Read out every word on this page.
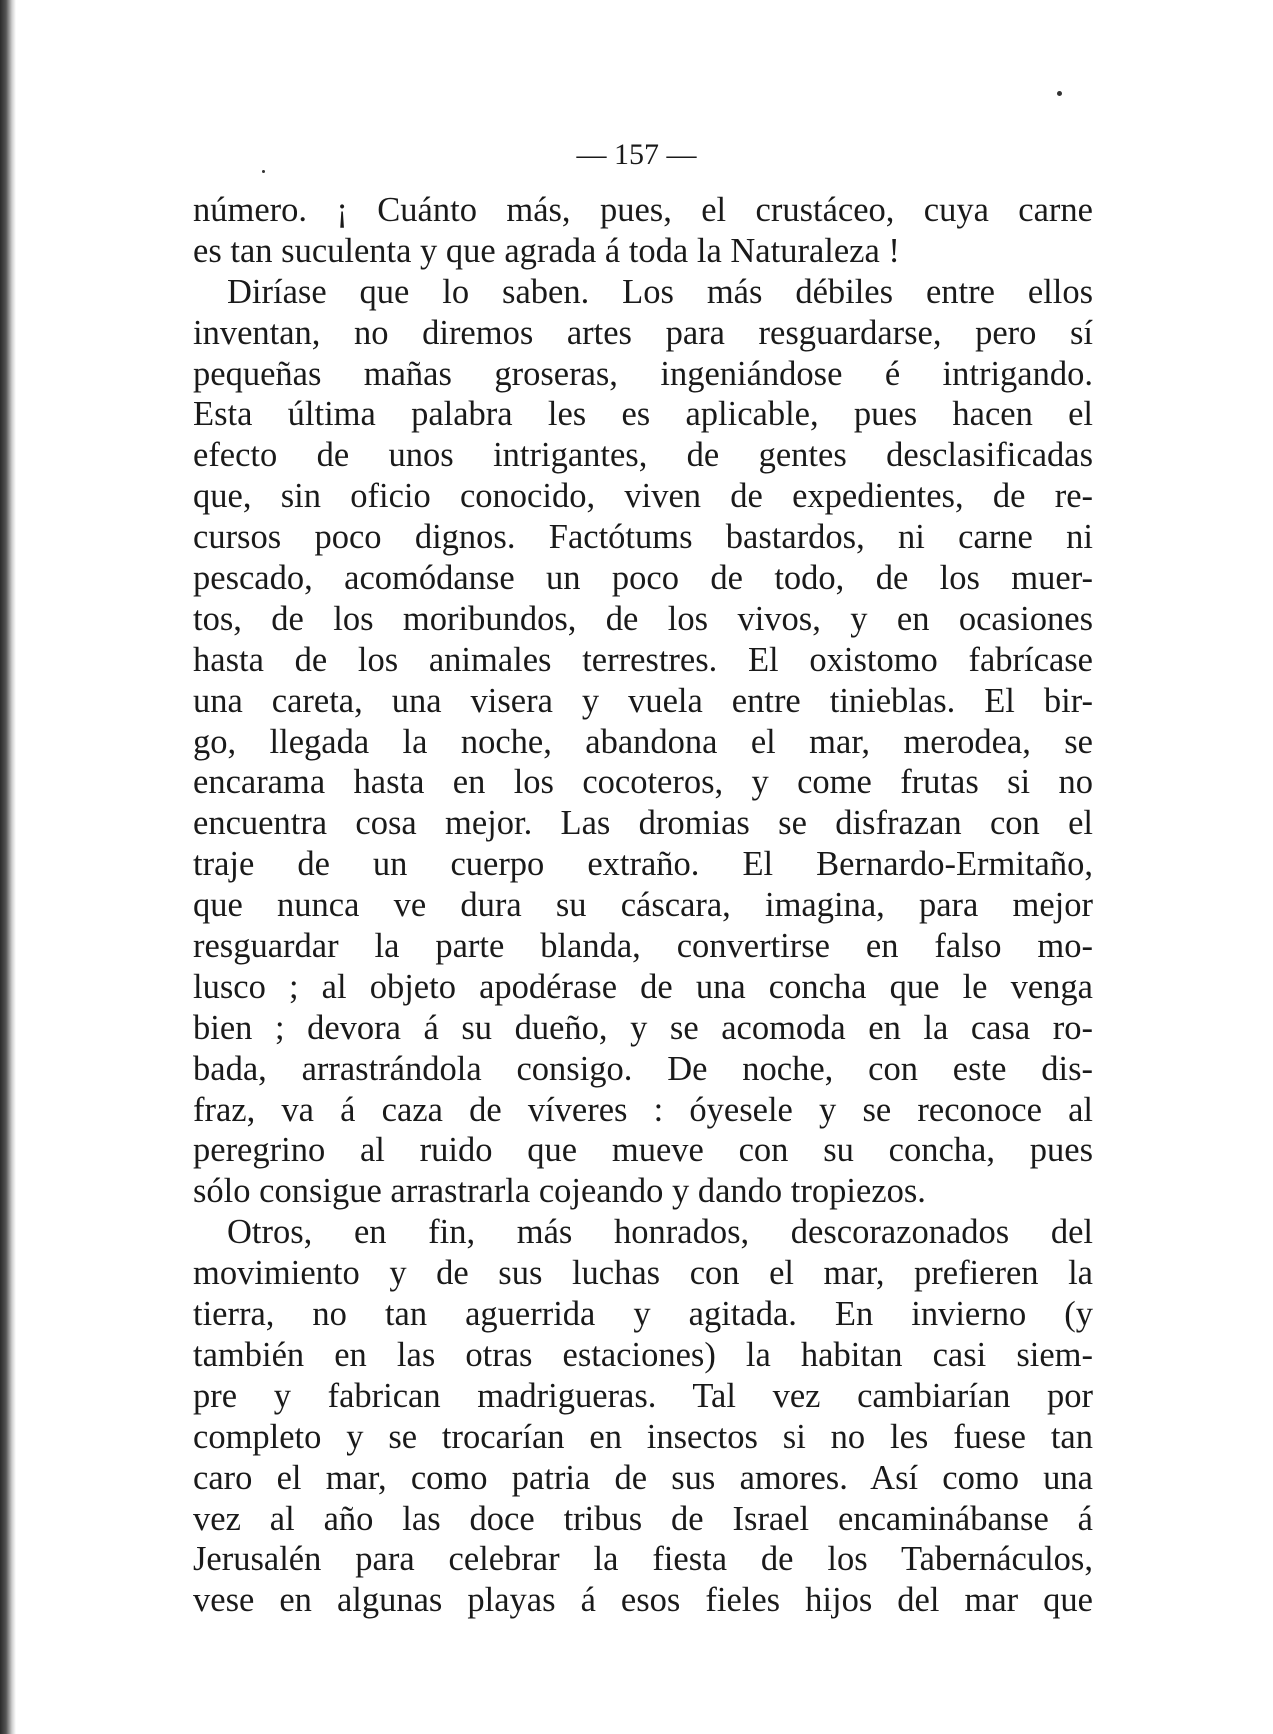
— 157 —
número. ¡ Cuánto más, pues, el crustáceo, cuya carne
es tan suculenta y que agrada á toda la Naturaleza !
Diríase que lo saben. Los más débiles entre ellos
inventan, no diremos artes para resguardarse, pero sí
pequeñas mañas groseras, ingeniándose é intrigando.
Esta última palabra les es aplicable, pues hacen el
efecto de unos intrigantes, de gentes desclasificadas
que, sin oficio conocido, viven de expedientes, de re-
cursos poco dignos. Factótums bastardos, ni carne ni
pescado, acomódanse un poco de todo, de los muer-
tos, de los moribundos, de los vivos, y en ocasiones
hasta de los animales terrestres. El oxistomo fabrícase
una careta, una visera y vuela entre tinieblas. El bir-
go, llegada la noche, abandona el mar, merodea, se
encarama hasta en los cocoteros, y come frutas si no
encuentra cosa mejor. Las dromias se disfrazan con el
traje de un cuerpo extraño. El Bernardo-Ermitaño,
que nunca ve dura su cáscara, imagina, para mejor
resguardar la parte blanda, convertirse en falso mo-
lusco ; al objeto apodérase de una concha que le venga
bien ; devora á su dueño, y se acomoda en la casa ro-
bada, arrastrándola consigo. De noche, con este dis-
fraz, va á caza de víveres : óyesele y se reconoce al
peregrino al ruido que mueve con su concha, pues
sólo consigue arrastrarla cojeando y dando tropiezos.
Otros, en fin, más honrados, descorazonados del
movimiento y de sus luchas con el mar, prefieren la
tierra, no tan aguerrida y agitada. En invierno (y
también en las otras estaciones) la habitan casi siem-
pre y fabrican madrigueras. Tal vez cambiarían por
completo y se trocarían en insectos si no les fuese tan
caro el mar, como patria de sus amores. Así como una
vez al año las doce tribus de Israel encaminábanse á
Jerusalén para celebrar la fiesta de los Tabernáculos,
vese en algunas playas á esos fieles hijos del mar que
